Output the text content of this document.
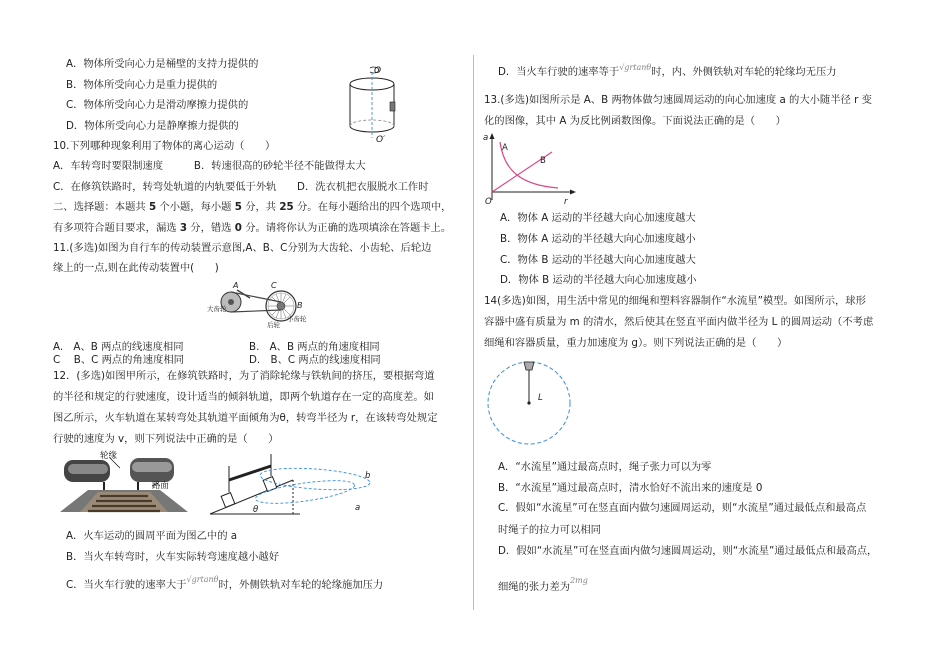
A．物体所受向心力是桶壁的支持力提供的
B．物体所受向心力是重力提供的
C．物体所受向心力是滑动摩擦力提供的
D．物体所受向心力是静摩擦力提供的
O
O′
10.下列哪种现象利用了物体的离心运动（　　）
A．车转弯时要限制速度　　　B．转速很高的砂轮半径不能做得太大
C．在修筑铁路时，转弯处轨道的内轨要低于外轨　　D．洗衣机把衣服脱水工作时
二、选择题：本题共 5 个小题，每小题 5 分，共 25 分。在每小题给出的四个选项中，
有多项符合题目要求，漏选 3 分，错选 0 分。请将你认为正确的选项填涂在答题卡上。
11.(多选)如图为自行车的传动装置示意图,A、B、C分别为大齿轮、小齿轮、后轮边
缘上的一点,则在此传动装置中(　　)
A	C
大齿轮
后轮
小齿轮
B
A.　A、B 两点的线速度相同	B.　A、B 两点的角速度相同
C　 B、C 两点的角速度相同	D.　B、C 两点的线速度相同
12．(多选)如图甲所示，在修筑铁路时，为了消除轮缘与铁轨间的挤压，要根据弯道
的半径和规定的行驶速度，设计适当的倾斜轨道，即两个轨道存在一定的高度差。如
图乙所示，火车轨道在某转弯处其轨道平面倾角为θ，转弯半径为 r，在该转弯处规定
行驶的速度为 v，则下列说法中正确的是（　　）
轮缘
路面
b
θ	a
A．火车运动的圆周平面为图乙中的 a
B．当火车转弯时，火车实际转弯速度越小越好
C．当火车行驶的速率大于$^{√grtan\theta}$时，外侧铁轨对车轮的轮缘施加压力
D．当火车行驶的速率等于$^{√grtan\theta}$时，内、外侧铁轨对车轮的轮缘均无压力
13.(多选)如图所示是 A、B 两物体做匀速圆周运动的向心加速度 a 的大小随半径 r 变
化的图像，其中 A 为反比例函数图像。下面说法正确的是（　　）
a
A
B
O	r
A．物体 A 运动的半径越大向心加速度越大
B．物体 A 运动的半径越大向心加速度越小
C．物体 B 运动的半径越大向心加速度越大
D．物体 B 运动的半径越大向心加速度越小
14(多选)如图，用生活中常见的细绳和塑料容器制作“水流星”模型。如图所示，球形
容器中盛有质量为 m 的清水，然后使其在竖直平面内做半径为 L 的圆周运动（不考虑
细绳和容器质量，重力加速度为 g）。则下列说法正确的是（　　）
L
A．“水流星”通过最高点时，绳子张力可以为零
B．“水流星”通过最高点时，清水恰好不流出来的速度是 0
C．假如“水流星”可在竖直面内做匀速圆周运动，则“水流星”通过最低点和最高点
时绳子的拉力可以相同
D．假如“水流星”可在竖直面内做匀速圆周运动，则“水流星”通过最低点和最高点，
细绳的张力差为$^{2mg}$
